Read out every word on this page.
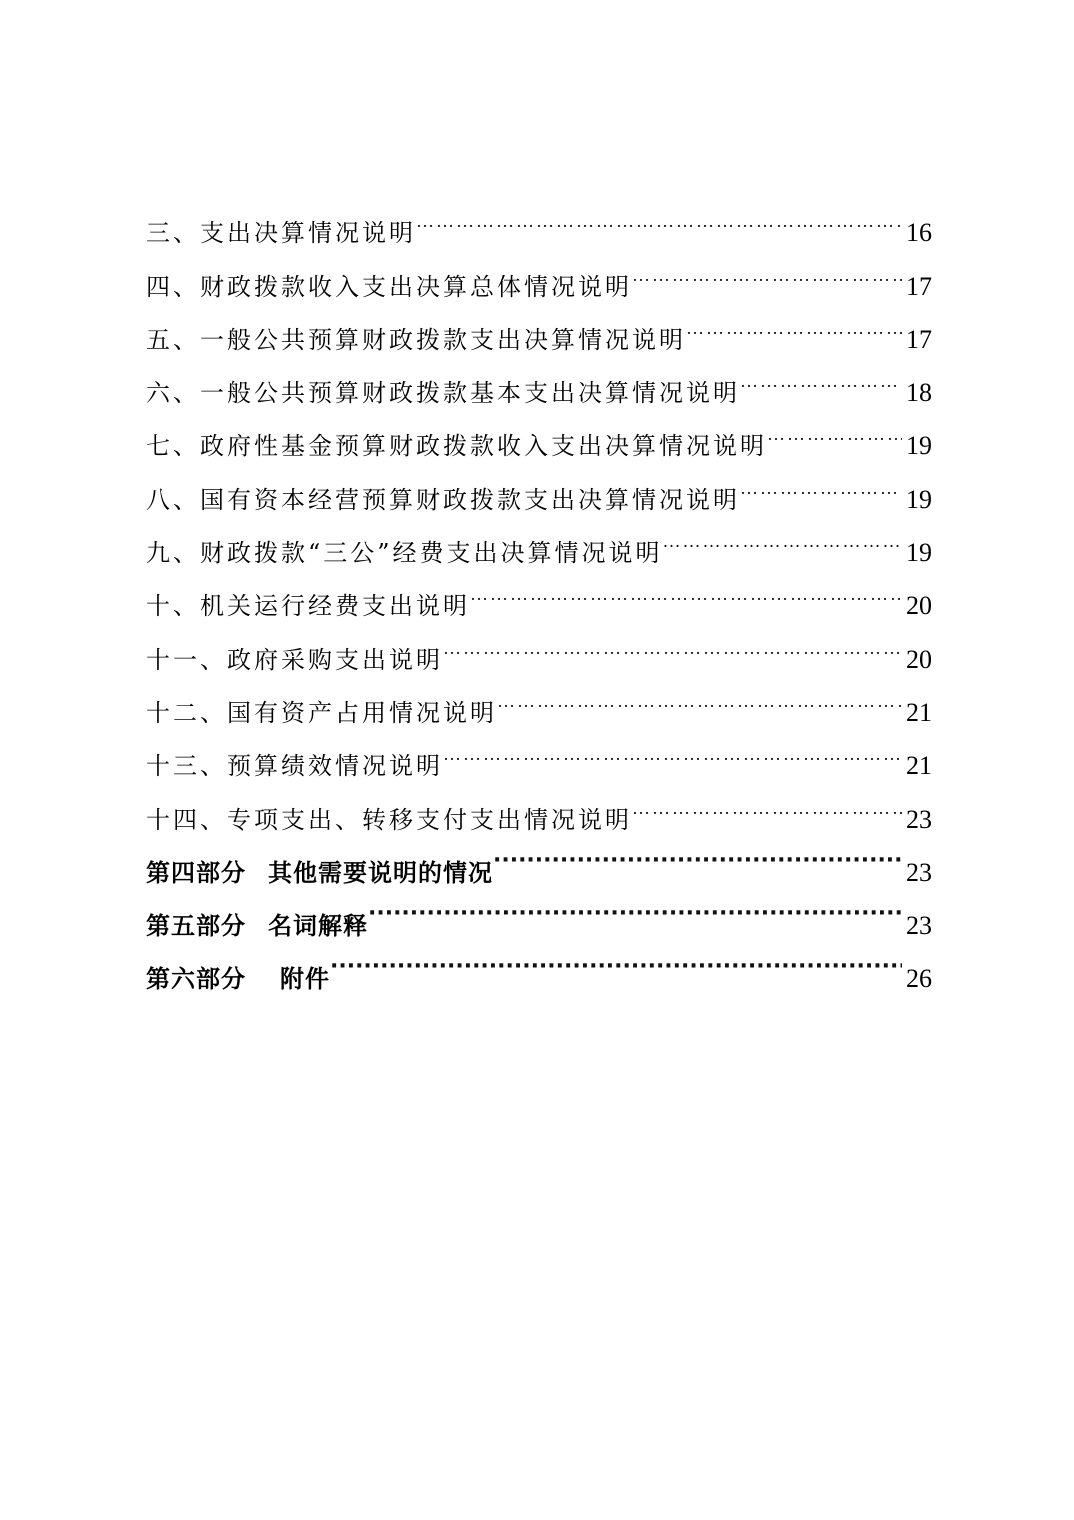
三、支出决算情况说明 …………………………………………………………………………………………………………………………………………………………………………………………	16
四、财政拨款收入支出决算总体情况说明 …………………………………………………………………………………………………………………………………………………………………………………………	17
五、一般公共预算财政拨款支出决算情况说明 …………………………………………………………………………………………………………………………………………………………………………………………	17
六、一般公共预算财政拨款基本支出决算情况说明 …………………………………………………………………………………………………………………………………………………………………………………………	18
七、政府性基金预算财政拨款收入支出决算情况说明 …………………………………………………………………………………………………………………………………………………………………………………………	19
八、国有资本经营预算财政拨款支出决算情况说明 …………………………………………………………………………………………………………………………………………………………………………………………	19
九、财政拨款“三公”经费支出决算情况说明 …………………………………………………………………………………………………………………………………………………………………………………………	19
十、机关运行经费支出说明 …………………………………………………………………………………………………………………………………………………………………………………………	20
十一、政府采购支出说明 …………………………………………………………………………………………………………………………………………………………………………………………	20
十二、国有资产占用情况说明 …………………………………………………………………………………………………………………………………………………………………………………………	21
十三、预算绩效情况说明 …………………………………………………………………………………………………………………………………………………………………………………………	21
十四、专项支出、转移支付支出情况说明 …………………………………………………………………………………………………………………………………………………………………………………………	23
第四部分 其他需要说明的情况 ·····	23
第五部分 名词解释 ·····	23
第六部分 附件 ·····	26
